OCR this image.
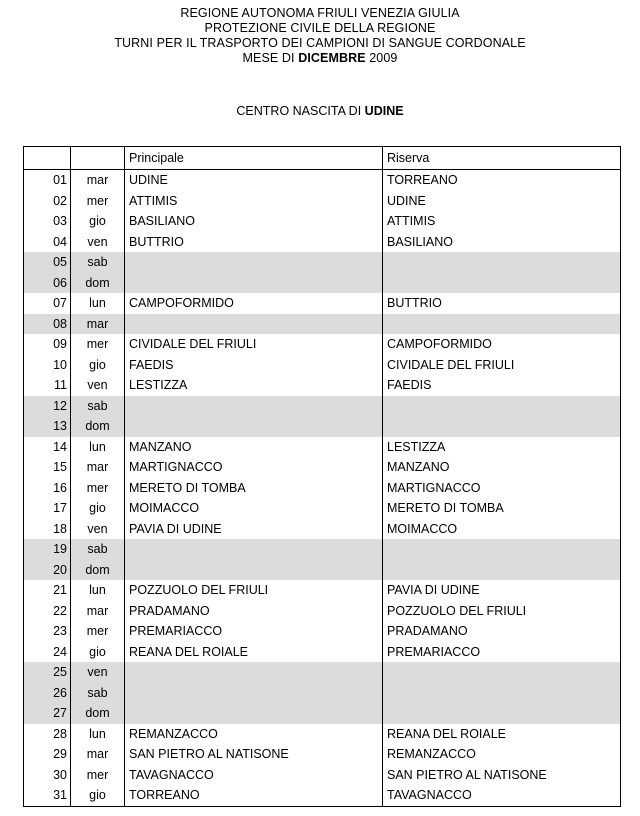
REGIONE AUTONOMA FRIULI VENEZIA GIULIA
PROTEZIONE CIVILE DELLA REGIONE
TURNI PER IL TRASPORTO DEI CAMPIONI DI SANGUE CORDONALE
MESE DI DICEMBRE 2009
CENTRO NASCITA DI UDINE
		Principale	Riserva
01	mar	UDINE	TORREANO
02	mer	ATTIMIS	UDINE
03	gio	BASILIANO	ATTIMIS
04	ven	BUTTRIO	BASILIANO
05	sab		
06	dom		
07	lun	CAMPOFORMIDO	BUTTRIO
08	mar		
09	mer	CIVIDALE DEL FRIULI	CAMPOFORMIDO
10	gio	FAEDIS	CIVIDALE DEL FRIULI
11	ven	LESTIZZA	FAEDIS
12	sab		
13	dom		
14	lun	MANZANO	LESTIZZA
15	mar	MARTIGNACCO	MANZANO
16	mer	MERETO DI TOMBA	MARTIGNACCO
17	gio	MOIMACCO	MERETO DI TOMBA
18	ven	PAVIA DI UDINE	MOIMACCO
19	sab		
20	dom		
21	lun	POZZUOLO DEL FRIULI	PAVIA DI UDINE
22	mar	PRADAMANO	POZZUOLO DEL FRIULI
23	mer	PREMARIACCO	PRADAMANO
24	gio	REANA DEL ROIALE	PREMARIACCO
25	ven		
26	sab		
27	dom		
28	lun	REMANZACCO	REANA DEL ROIALE
29	mar	SAN PIETRO AL NATISONE	REMANZACCO
30	mer	TAVAGNACCO	SAN PIETRO AL NATISONE
31	gio	TORREANO	TAVAGNACCO
